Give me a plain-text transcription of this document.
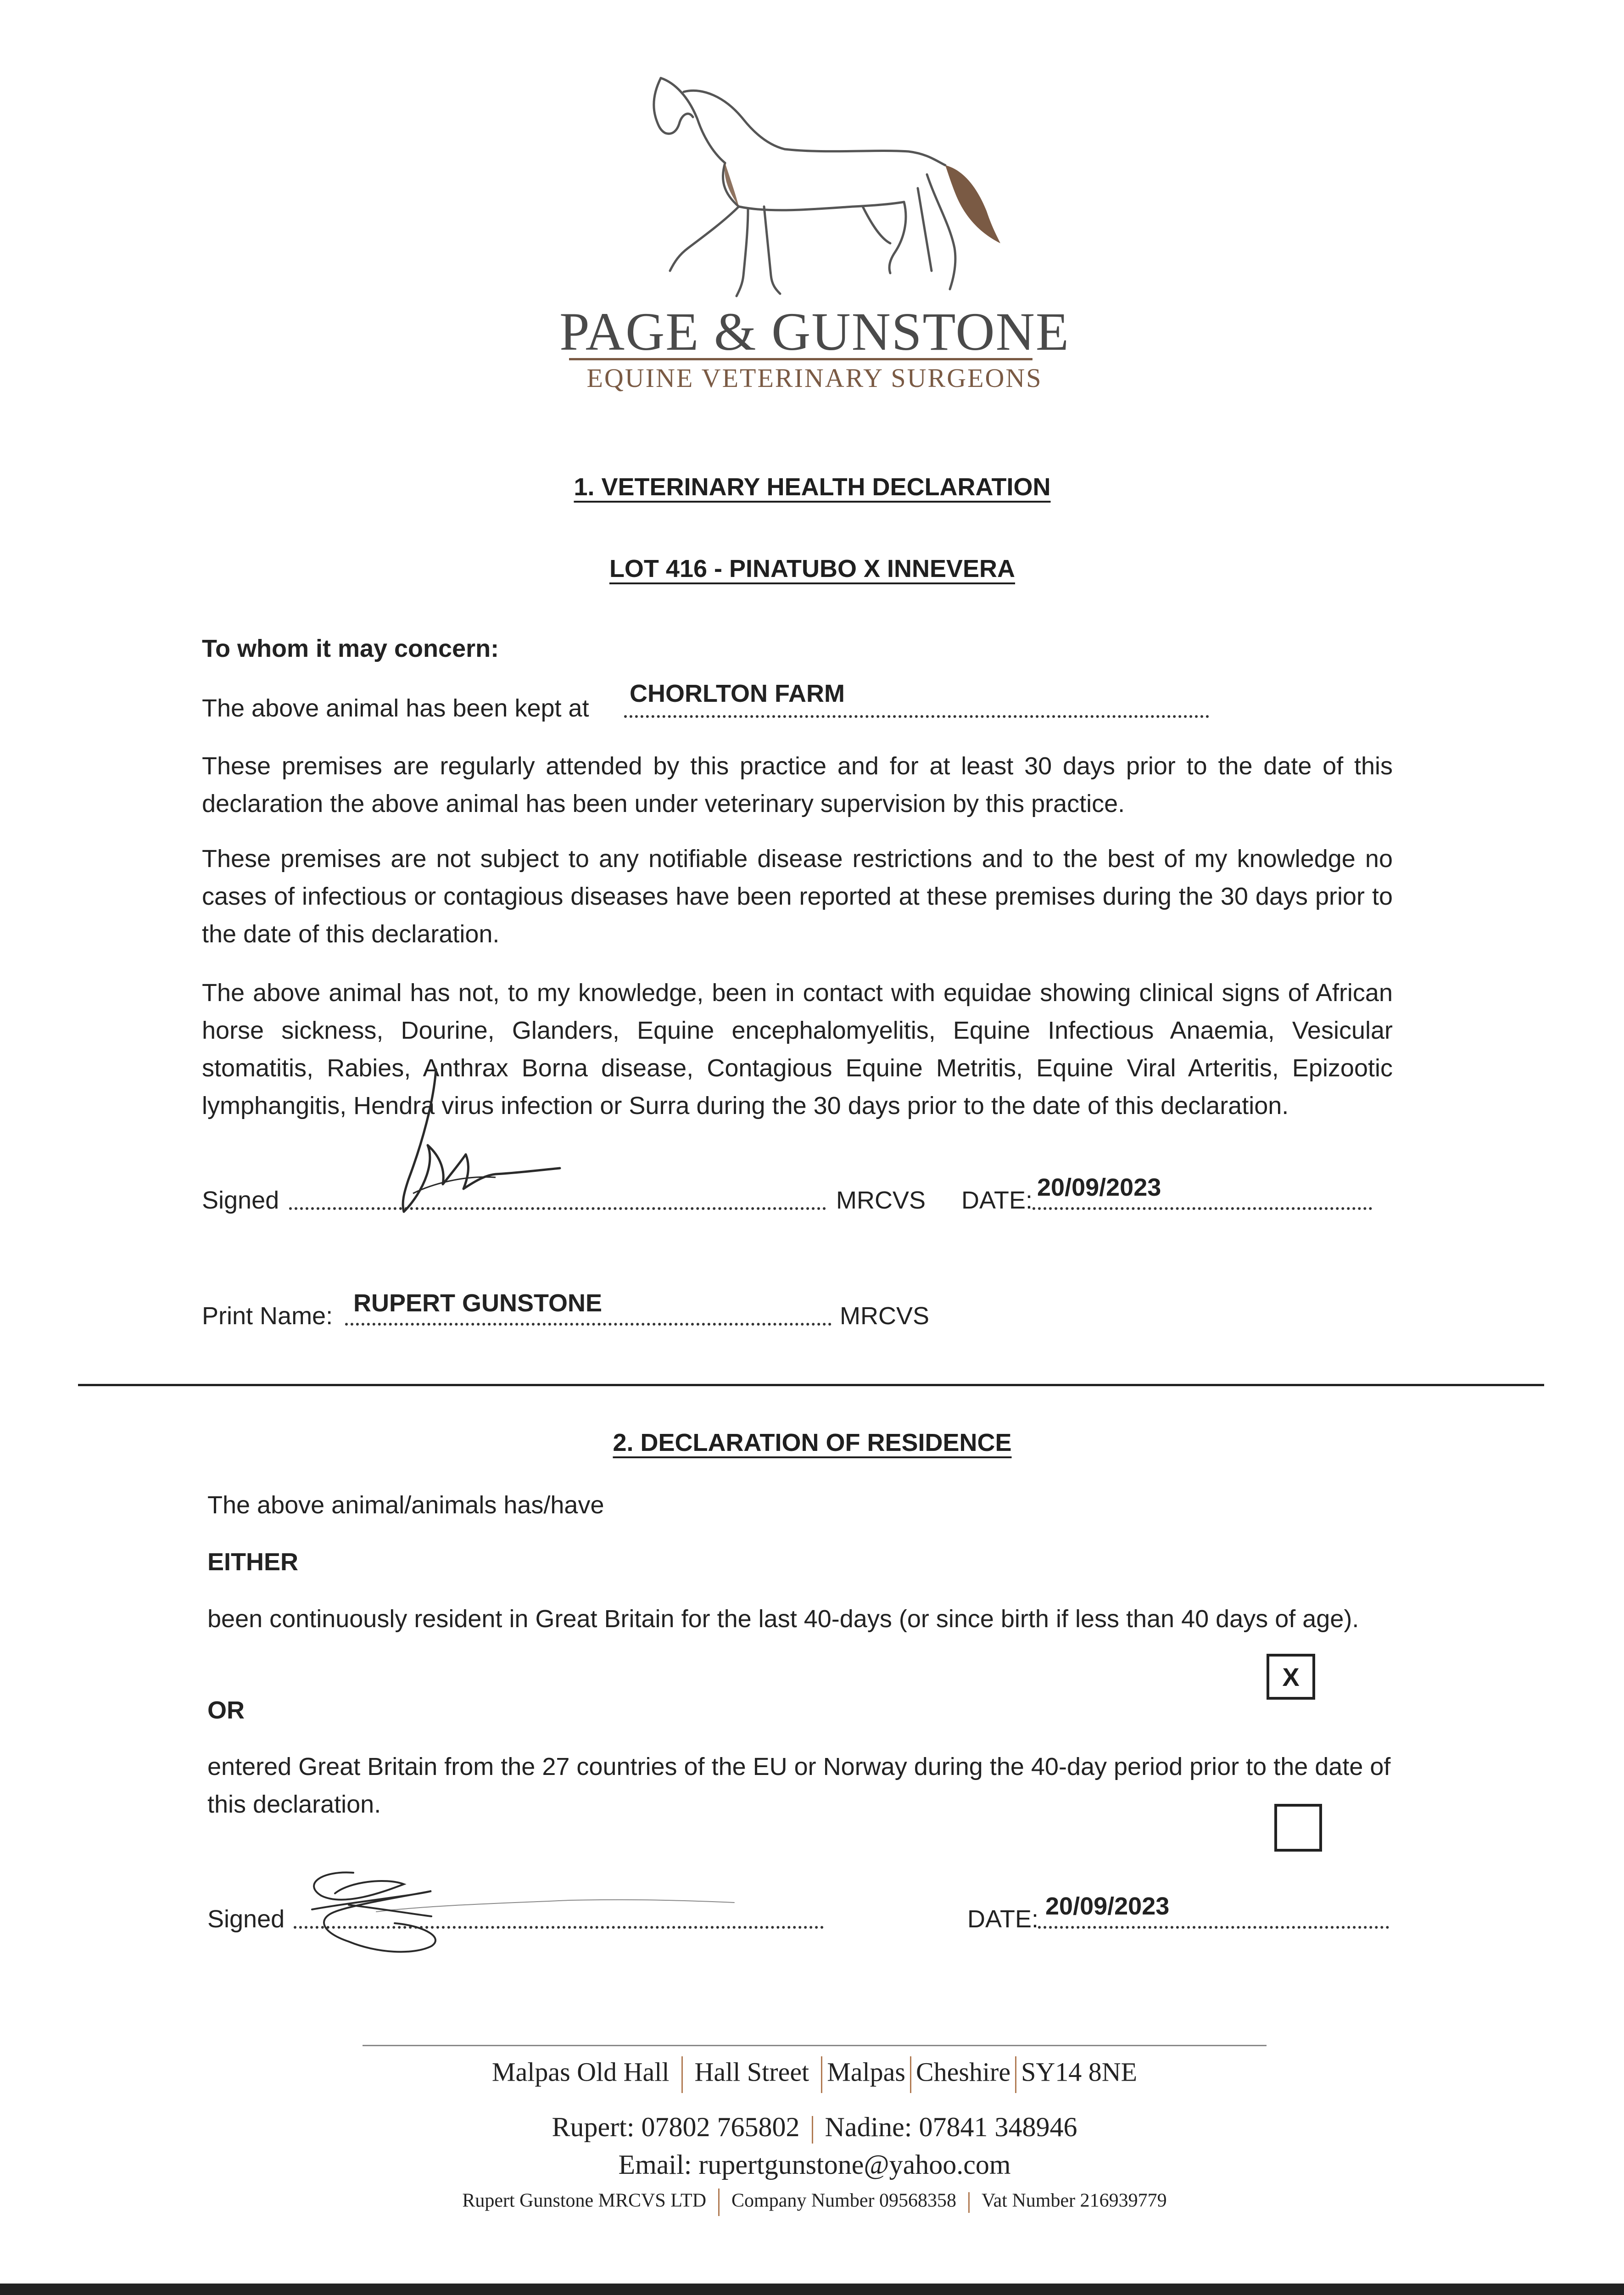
PAGE & GUNSTONE
EQUINE VETERINARY SURGEONS
1. VETERINARY HEALTH DECLARATION
LOT 416 - PINATUBO X INNEVERA
To whom it may concern:
The above animal has been kept at
CHORLTON FARM
These premises are regularly attended by this practice and for at least 30 days prior to the date of this declaration the above animal has been under veterinary supervision by this practice.
These premises are not subject to any notifiable disease restrictions and to the best of my knowledge no cases of infectious or contagious diseases have been reported at these premises during the 30 days prior to the date of this declaration.
The above animal has not, to my knowledge, been in contact with equidae showing clinical signs of African horse sickness, Dourine, Glanders, Equine encephalomyelitis, Equine Infectious Anaemia, Vesicular stomatitis, Rabies, Anthrax Borna disease, Contagious Equine Metritis, Equine Viral Arteritis, Epizootic lymphangitis, Hendra virus infection or Surra during the 30 days prior to the date of this declaration.
Signed	MRCVS DATE: 20/09/2023
Print Name: RUPERT GUNSTONE	MRCVS
2. DECLARATION OF RESIDENCE
The above animal/animals has/have
EITHER
been continuously resident in Great Britain for the last 40-days (or since birth if less than 40 days of age).
X
OR
entered Great Britain from the 27 countries of the EU or Norway during the 40-day period prior to the date of this declaration.
Signed	DATE: 20/09/2023
Malpas Old Hall Hall Street Malpas Cheshire SY14 8NE
Rupert: 07802 765802 Nadine: 07841 348946
Email: rupertgunstone@yahoo.com
Rupert Gunstone MRCVS LTD Company Number 09568358 Vat Number 216939779
